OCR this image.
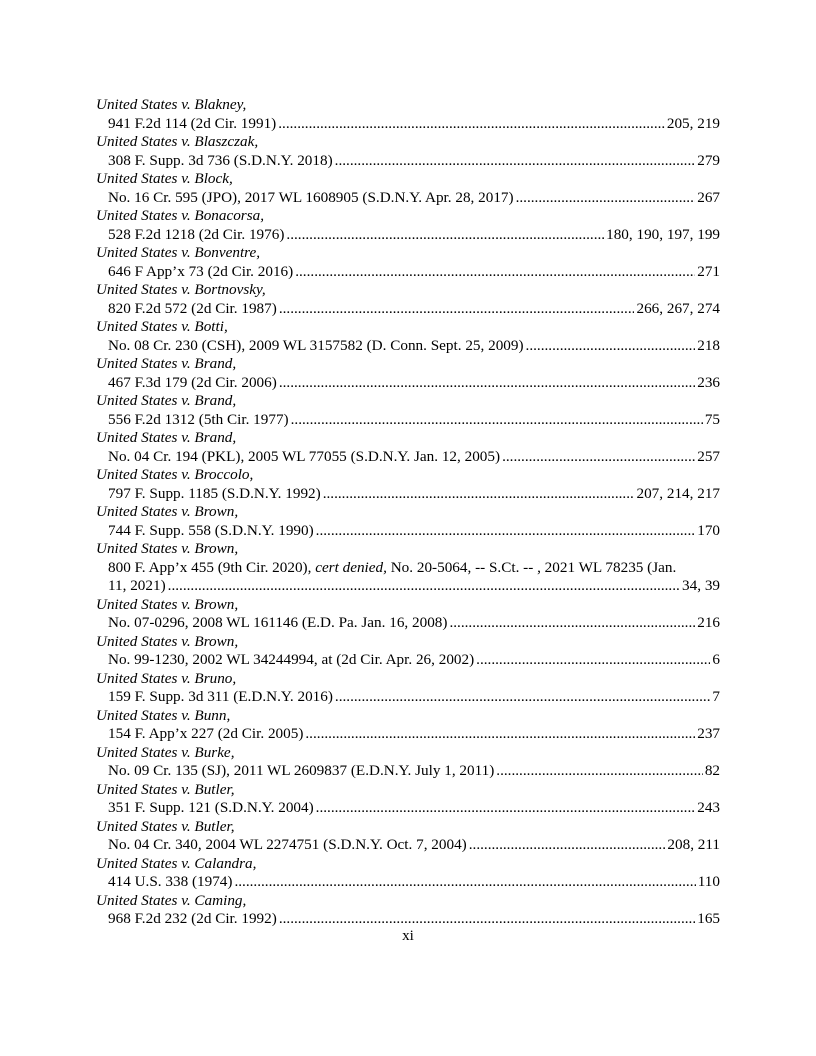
United States v. Blakney,
941 F.2d 114 (2d Cir. 1991) . . .	205, 219
United States v. Blaszczak,
308 F. Supp. 3d 736 (S.D.N.Y. 2018) . . .	279
United States v. Block,
No. 16 Cr. 595 (JPO), 2017 WL 1608905 (S.D.N.Y. Apr. 28, 2017) . . .	267
United States v. Bonacorsa,
528 F.2d 1218 (2d Cir. 1976) . . .	180, 190, 197, 199
United States v. Bonventre,
646 F App’x 73 (2d Cir. 2016) . . .	271
United States v. Bortnovsky,
820 F.2d 572 (2d Cir. 1987) . . .	266, 267, 274
United States v. Botti,
No. 08 Cr. 230 (CSH), 2009 WL 3157582 (D. Conn. Sept. 25, 2009) . . .	218
United States v. Brand,
467 F.3d 179 (2d Cir. 2006) . . .	236
United States v. Brand,
556 F.2d 1312 (5th Cir. 1977) . . .	75
United States v. Brand,
No. 04 Cr. 194 (PKL), 2005 WL 77055 (S.D.N.Y. Jan. 12, 2005) . . .	257
United States v. Broccolo,
797 F. Supp. 1185 (S.D.N.Y. 1992) . . .	207, 214, 217
United States v. Brown,
744 F. Supp. 558 (S.D.N.Y. 1990) . . .	170
United States v. Brown,
800 F. App’x 455 (9th Cir. 2020), cert denied, No. 20-5064, -- S.Ct. -- , 2021 WL 78235 (Jan.
11, 2021) . . .	34, 39
United States v. Brown,
No. 07-0296, 2008 WL 161146 (E.D. Pa. Jan. 16, 2008) . . .	216
United States v. Brown,
No. 99-1230, 2002 WL 34244994, at (2d Cir. Apr. 26, 2002) . . .	6
United States v. Bruno,
159 F. Supp. 3d 311 (E.D.N.Y. 2016) . . .	7
United States v. Bunn,
154 F. App’x 227 (2d Cir. 2005) . . .	237
United States v. Burke,
No. 09 Cr. 135 (SJ), 2011 WL 2609837 (E.D.N.Y. July 1, 2011) . . .	82
United States v. Butler,
351 F. Supp. 121 (S.D.N.Y. 2004) . . .	243
United States v. Butler,
No. 04 Cr. 340, 2004 WL 2274751 (S.D.N.Y. Oct. 7, 2004) . . .	208, 211
United States v. Calandra,
414 U.S. 338 (1974) . . .	110
United States v. Caming,
968 F.2d 232 (2d Cir. 1992) . . .	165
xi
